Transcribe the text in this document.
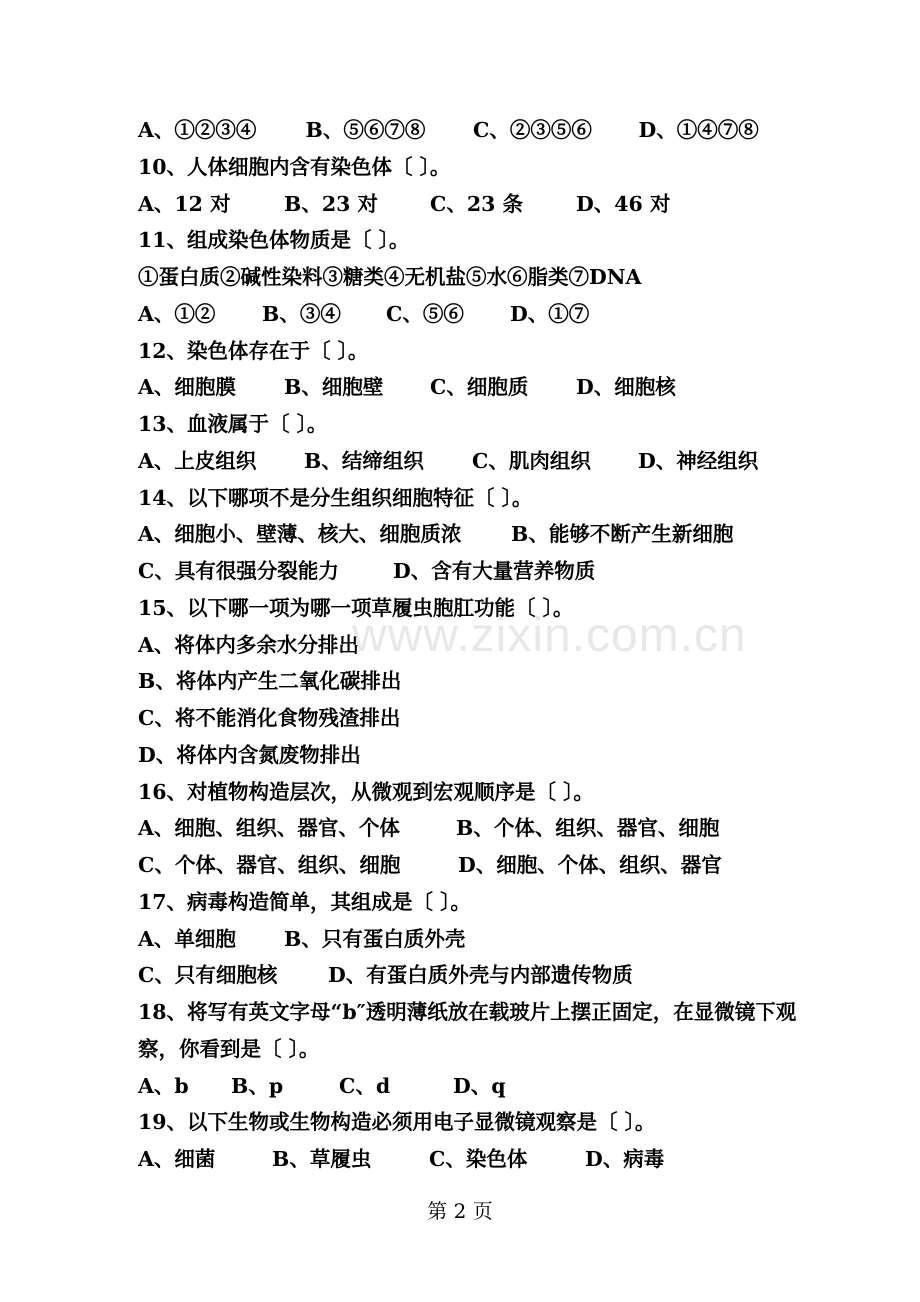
A、①②③④	B、⑤⑥⑦⑧	C、②③⑤⑥	D、①④⑦⑧
10、人体细胞内含有染色体〔 〕。
A、12 对	B、23 对	C、23 条	D、46 对
11、组成染色体物质是〔 〕。
①蛋白质②碱性染料③糖类④无机盐⑤水⑥脂类⑦DNA
A、①②	B、③④	C、⑤⑥	D、①⑦
12、染色体存在于〔 〕。
A、细胞膜	B、细胞壁	C、细胞质	D、细胞核
13、血液属于〔 〕。
A、上皮组织	B、结缔组织	C、肌肉组织	D、神经组织
14、以下哪项不是分生组织细胞特征〔 〕。
A、细胞小、壁薄、核大、细胞质浓	B、能够不断产生新细胞
C、具有很强分裂能力	D、含有大量营养物质
15、以下哪一项为哪一项草履虫胞肛功能〔 〕。
A、将体内多余水分排出
B、将体内产生二氧化碳排出
C、将不能消化食物残渣排出
D、将体内含氮废物排出
16、对植物构造层次，从微观到宏观顺序是〔 〕。
A、细胞、组织、器官、个体	B、个体、组织、器官、细胞
C、个体、器官、组织、细胞	D、细胞、个体、组织、器官
17、病毒构造简单，其组成是〔 〕。
A、单细胞	B、只有蛋白质外壳
C、只有细胞核	D、有蛋白质外壳与内部遗传物质
18、将写有英文字母“b″透明薄纸放在载玻片上摆正固定，在显微镜下观察，你看到是〔 〕。
A、b	B、p	C、d	D、q
19、以下生物或生物构造必须用电子显微镜观察是〔 〕。
A、细菌	B、草履虫	C、染色体	D、病毒
www.zixin.com.cn
第 2 页
